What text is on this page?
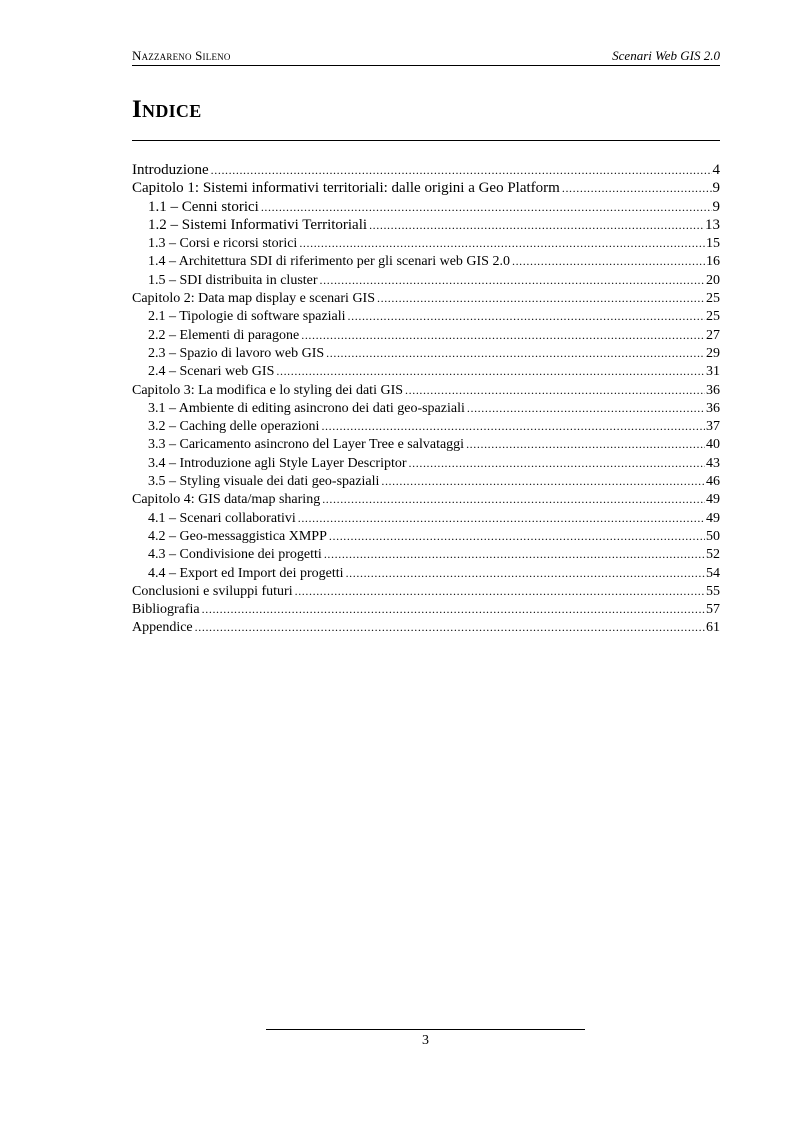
Nazzareno Sileno	Scenari Web GIS 2.0
Indice
Introduzione .....	4
Capitolo 1: Sistemi informativi territoriali: dalle origini a Geo Platform .....	9
1.1 – Cenni storici .....	9
1.2 – Sistemi Informativi Territoriali .....	13
1.3 – Corsi e ricorsi storici .....	15
1.4 – Architettura SDI di riferimento per gli scenari web GIS 2.0 .....	16
1.5 – SDI distribuita in cluster .....	20
Capitolo 2: Data map display e scenari GIS .....	25
2.1 – Tipologie di software spaziali .....	25
2.2 – Elementi di paragone .....	27
2.3 – Spazio di lavoro web GIS .....	29
2.4 – Scenari web GIS .....	31
Capitolo 3: La modifica e lo styling dei dati GIS .....	36
3.1 – Ambiente di editing asincrono dei dati geo-spaziali .....	36
3.2 – Caching delle operazioni .....	37
3.3 – Caricamento asincrono del Layer Tree e salvataggi .....	40
3.4 – Introduzione agli Style Layer Descriptor .....	43
3.5 – Styling visuale dei dati geo-spaziali .....	46
Capitolo 4: GIS data/map sharing .....	49
4.1 – Scenari collaborativi .....	49
4.2 – Geo-messaggistica XMPP .....	50
4.3 – Condivisione dei progetti .....	52
4.4 – Export ed Import dei progetti .....	54
Conclusioni e sviluppi futuri .....	55
Bibliografia .....	57
Appendice .....	61
3
